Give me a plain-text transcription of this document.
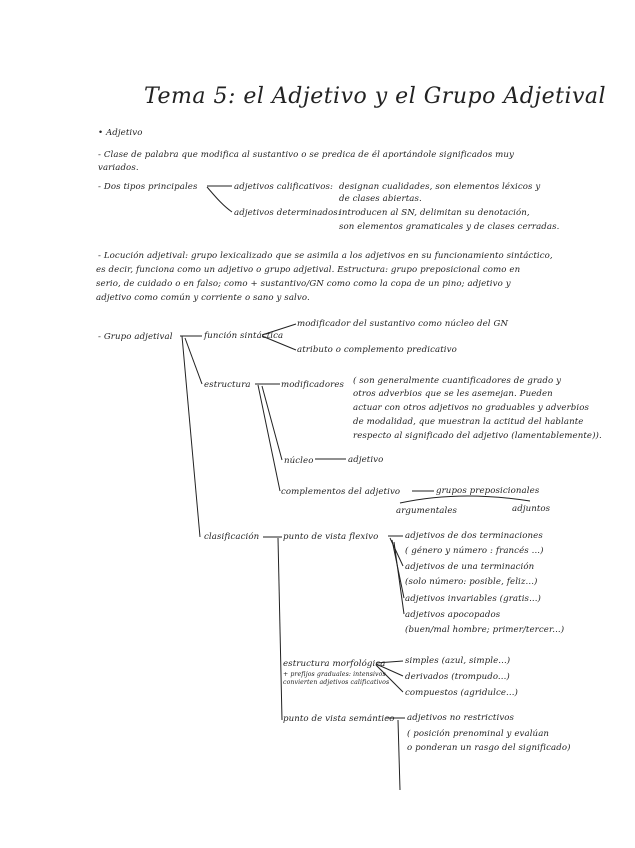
Tema 5: el Adjetivo y el Grupo Adjetival
• Adjetivo
- Clase de palabra que modifica al sustantivo o se predica de él aportándole significados muy
variados.
- Dos tipos principales	adjetivos calificativos: designan cualidades, son elementos léxicos y
de clases abiertas.
adjetivos determinados:
introducen al SN, delimitan su denotación,
son elementos gramaticales y de clases cerradas.
- Locución adjetival: grupo lexicalizado que se asimila a los adjetivos en su funcionamiento sintáctico,
es decir, funciona como un adjetivo o grupo adjetival. Estructura: grupo preposicional como en
serio, de cuidado o en falso; como + sustantivo/GN como como la copa de un pino; adjetivo y
adjetivo como común y corriente o sano y salvo.
- Grupo adjetival	función sintáctica
modificador del sustantivo como núcleo del GN
atributo o complemento predicativo
estructura	modificadores ( son generalmente cuantificadores de grado y
otros adverbios que se les asemejan. Pueden
actuar con otros adjetivos no graduables y adverbios
de modalidad, que muestran la actitud del hablante
respecto al significado del adjetivo (lamentablemente)).
núcleo	adjetivo
complementos del adjetivo	grupos preposicionales
argumentales	adjuntos
clasificación	punto de vista flexivo	adjetivos de dos terminaciones
( género y número : francés ...)
adjetivos de una terminación
(solo número: posible, feliz...)
adjetivos invariables (gratis...)
adjetivos apocopados
(buen/mal hombre; primer/tercer...)
estructura morfológica
+ prefijos graduales: intensivos
convierten adjetivos calificativos
simples (azul, simple...)
derivados (trompudo...)
compuestos (agridulce...)
punto de vista semántico adjetivos no restrictivos
( posición prenominal y evalúan
o ponderan un rasgo del significado)
